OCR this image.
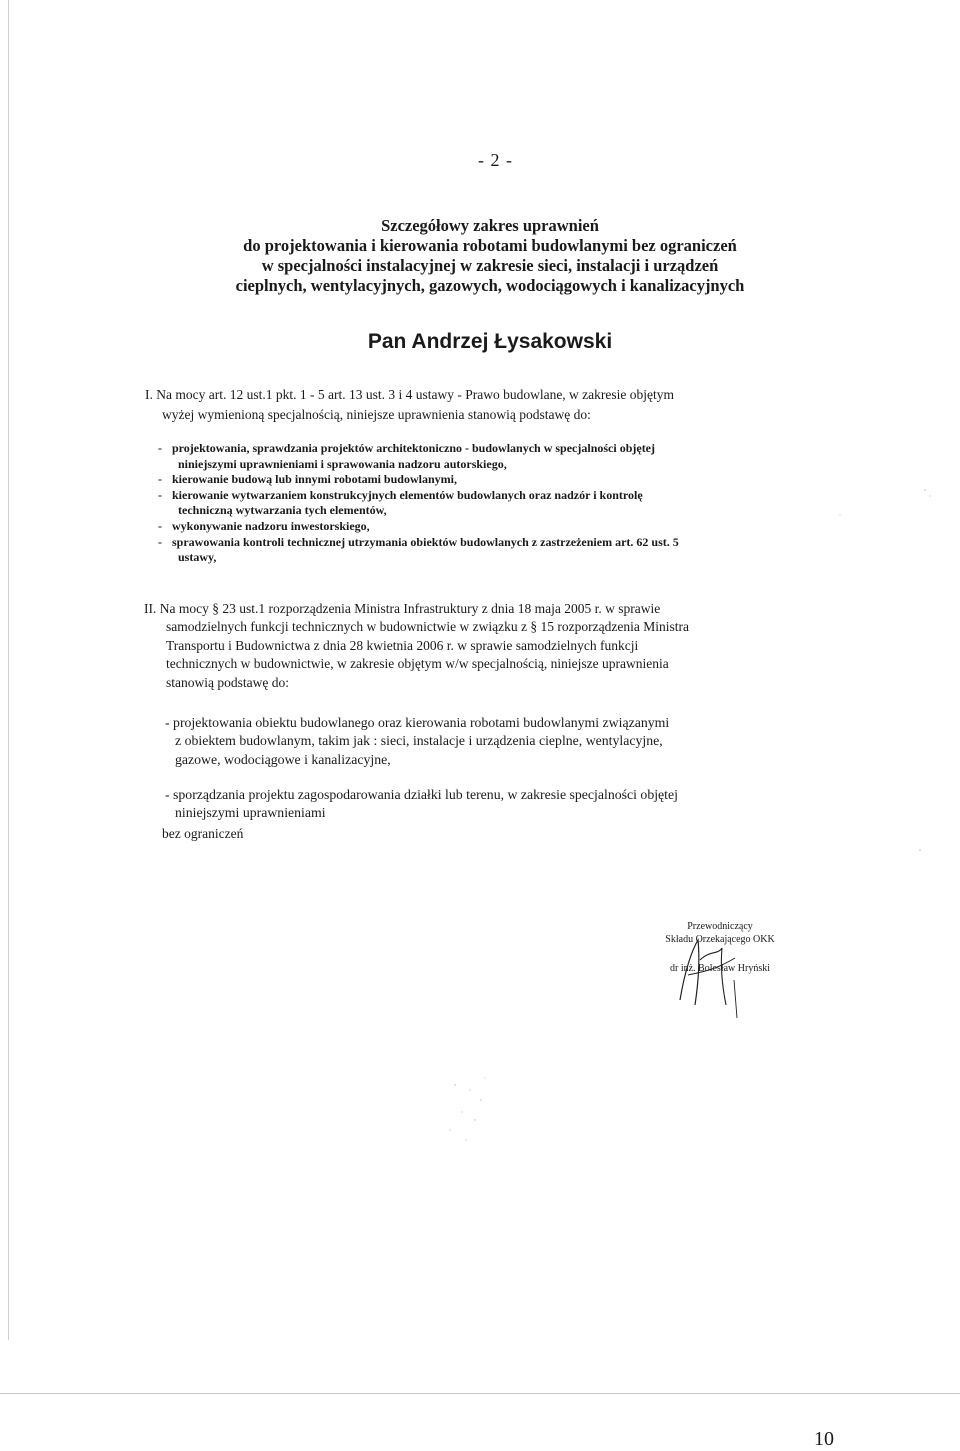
- 2 -
Szczegółowy zakres uprawnień
do projektowania i kierowania robotami budowlanymi bez ograniczeń
w specjalności instalacyjnej w zakresie sieci, instalacji i urządzeń
cieplnych, wentylacyjnych, gazowych, wodociągowych i kanalizacyjnych
Pan Andrzej Łysakowski
I. Na mocy art. 12 ust.1 pkt. 1 - 5 art. 13 ust. 3 i 4 ustawy - Prawo budowlane, w zakresie objętym
wyżej wymienioną specjalnością, niniejsze uprawnienia stanowią podstawę do:
- projektowania, sprawdzania projektów architektoniczno - budowlanych w specjalności objętej
niniejszymi uprawnieniami i sprawowania nadzoru autorskiego,
- kierowanie budową lub innymi robotami budowlanymi,
- kierowanie wytwarzaniem konstrukcyjnych elementów budowlanych oraz nadzór i kontrolę
techniczną wytwarzania tych elementów,
- wykonywanie nadzoru inwestorskiego,
- sprawowania kontroli technicznej utrzymania obiektów budowlanych z zastrzeżeniem art. 62 ust. 5
ustawy,
II. Na mocy § 23 ust.1 rozporządzenia Ministra Infrastruktury z dnia 18 maja 2005 r. w sprawie
samodzielnych funkcji technicznych w budownictwie w związku z § 15 rozporządzenia Ministra
Transportu i Budownictwa z dnia 28 kwietnia 2006 r. w sprawie samodzielnych funkcji
technicznych w budownictwie, w zakresie objętym w/w specjalnością, niniejsze uprawnienia
stanowią podstawę do:
- projektowania obiektu budowlanego oraz kierowania robotami budowlanymi związanymi
z obiektem budowlanym, takim jak : sieci, instalacje i urządzenia cieplne, wentylacyjne,
gazowe, wodociągowe i kanalizacyjne,
- sporządzania projektu zagospodarowania działki lub terenu, w zakresie specjalności objętej
niniejszymi uprawnieniami
bez ograniczeń
Przewodniczący
Składu Orzekającego OKK
dr inż. Bolesław Hryński
10
